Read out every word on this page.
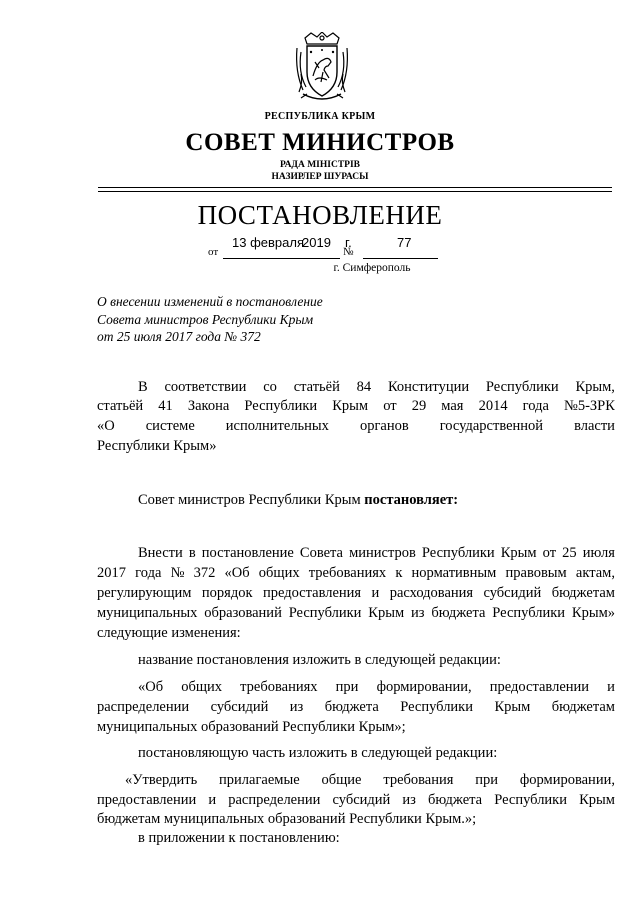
РЕСПУБЛИКА КРЫМ
СОВЕТ МИНИСТРОВ
РАДА МІНІСТРІВ
НАЗИРЛЕР ШУРАСЫ
ПОСТАНОВЛЕНИЕ
от	№
13 февраля
2019 г.	77
г. Симферополь
О внесении изменений в постановление
Совета министров Республики Крым
от 25 июля 2017 года № 372
В соответствии со статьёй 84 Конституции Республики Крым,
статьёй 41 Закона Республики Крым от 29 мая 2014 года №5-ЗРК
«О системе исполнительных органов государственной власти
Республики Крым»
Совет министров Республики Крым постановляет:
Внести в постановление Совета министров Республики Крым от 25 июля
2017 года № 372 «Об общих требованиях к нормативным правовым актам,
регулирующим порядок предоставления и расходования субсидий бюджетам
муниципальных образований Республики Крым из бюджета Республики Крым»
следующие изменения:
название постановления изложить в следующей редакции:
«Об общих требованиях при формировании, предоставлении и
распределении субсидий из бюджета Республики Крым бюджетам
муниципальных образований Республики Крым»;
постановляющую часть изложить в следующей редакции:
«Утвердить прилагаемые общие требования при формировании,
предоставлении и распределении субсидий из бюджета Республики Крым
бюджетам муниципальных образований Республики Крым.»;
в приложении к постановлению:
